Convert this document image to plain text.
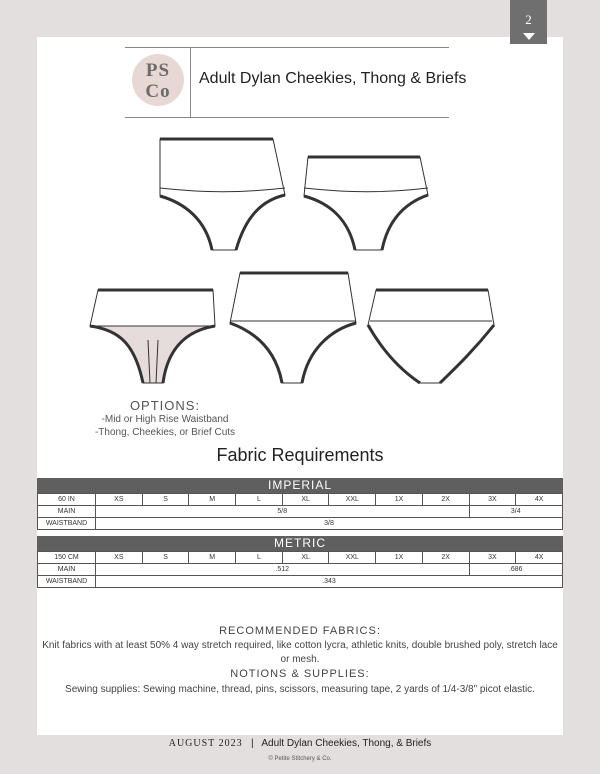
2
PS
Co
Adult Dylan Cheekies, Thong & Briefs
OPTIONS:
-Mid or High Rise Waistband
-Thong, Cheekies, or Brief Cuts
Fabric Requirements
IMPERIAL
60 IN	XS	S	M	L	XL	XXL	1X	2X	3X	4X
MAIN	5/8								3/4	
WAISTBAND	3/8									
METRIC
150 CM	XS	S	M	L	XL	XXL	1X	2X	3X	4X
MAIN	.512								.686	
WAISTBAND	.343									
RECOMMENDED FABRICS:
Knit fabrics with at least 50% 4 way stretch required, like cotton lycra, athletic knits, double brushed poly, stretch lace or mesh.
NOTIONS & SUPPLIES:
Sewing supplies: Sewing machine, thread, pins, scissors, measuring tape, 2 yards of 1/4-3/8" picot elastic.
AUGUST 2023 | Adult Dylan Cheekies, Thong, & Briefs
© Petite Stitchery & Co.
